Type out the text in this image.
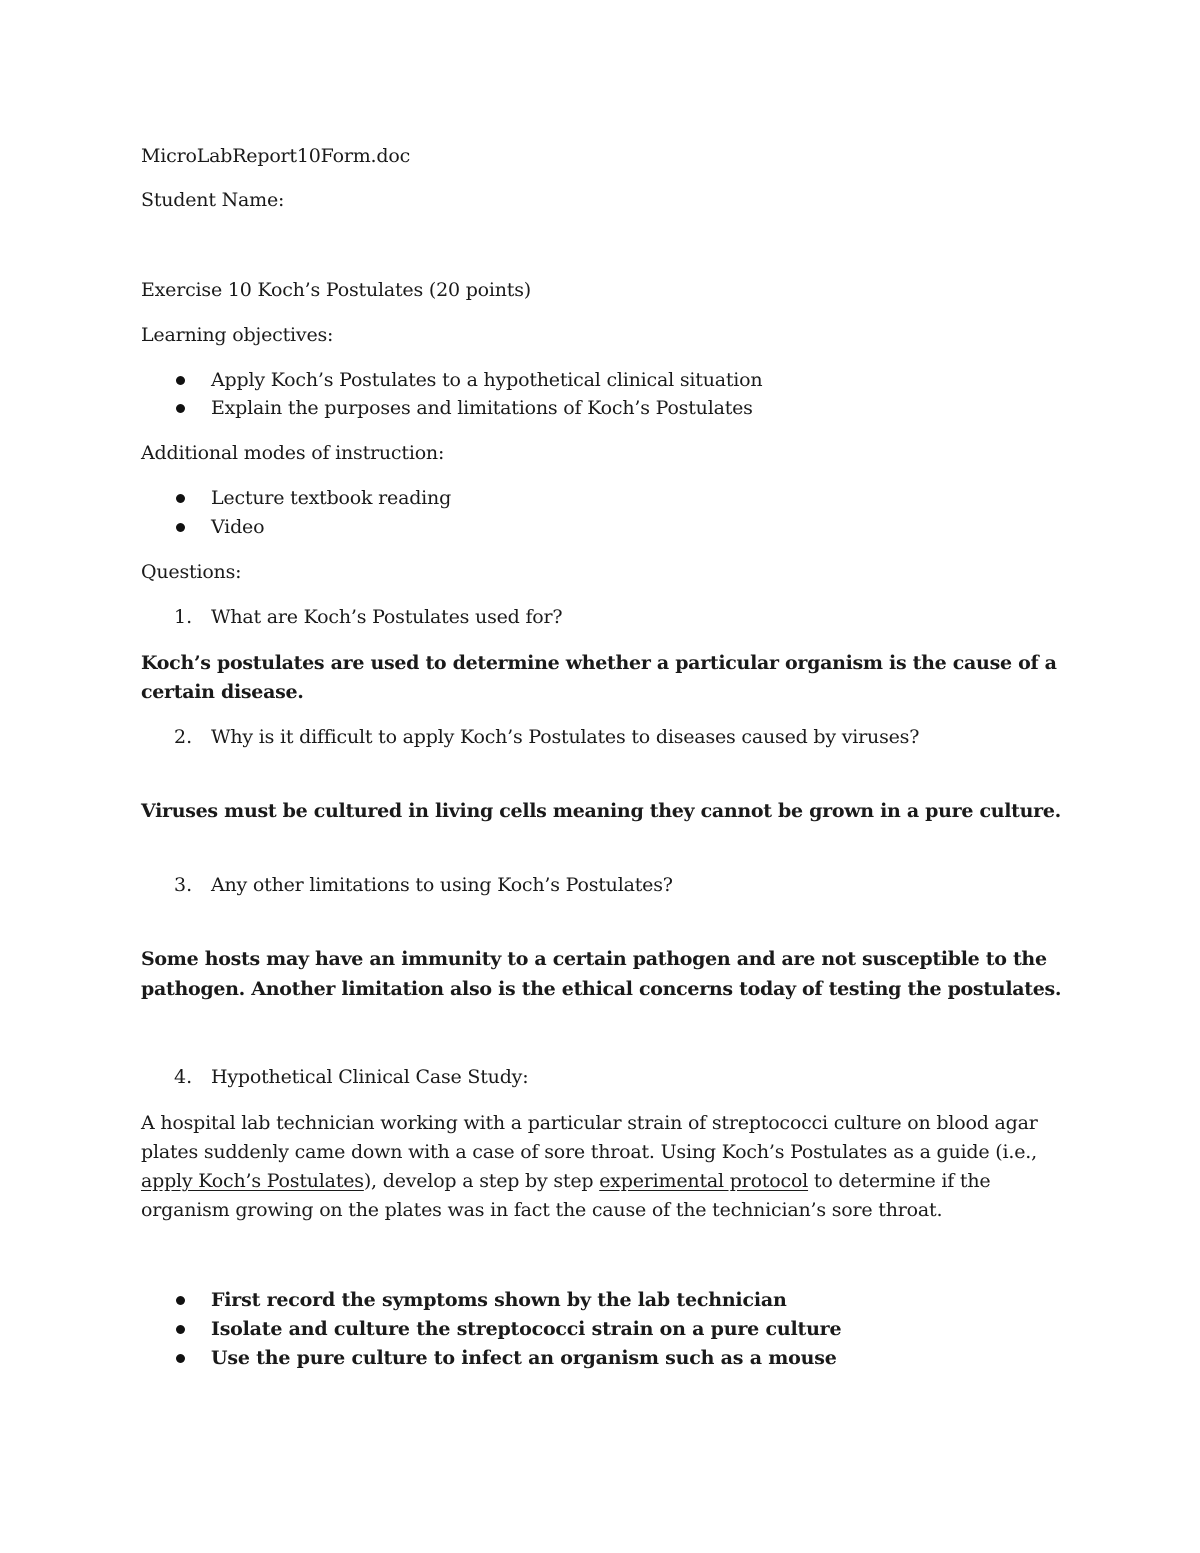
MicroLabReport10Form.doc
Student Name:
Exercise 10 Koch’s Postulates (20 points)
Learning objectives:
Apply Koch’s Postulates to a hypothetical clinical situation
Explain the purposes and limitations of Koch’s Postulates
Additional modes of instruction:
Lecture textbook reading
Video
Questions:
1. What are Koch’s Postulates used for?
Koch’s postulates are used to determine whether a particular organism is the cause of a
certain disease.
2. Why is it difficult to apply Koch’s Postulates to diseases caused by viruses?
Viruses must be cultured in living cells meaning they cannot be grown in a pure culture.
3. Any other limitations to using Koch’s Postulates?
Some hosts may have an immunity to a certain pathogen and are not susceptible to the
pathogen. Another limitation also is the ethical concerns today of testing the postulates.
4. Hypothetical Clinical Case Study:
A hospital lab technician working with a particular strain of streptococci culture on blood agar
plates suddenly came down with a case of sore throat. Using Koch’s Postulates as a guide (i.e.,
apply Koch’s Postulates), develop a step by step experimental protocol to determine if the
organism growing on the plates was in fact the cause of the technician’s sore throat.
First record the symptoms shown by the lab technician
Isolate and culture the streptococci strain on a pure culture
Use the pure culture to infect an organism such as a mouse
